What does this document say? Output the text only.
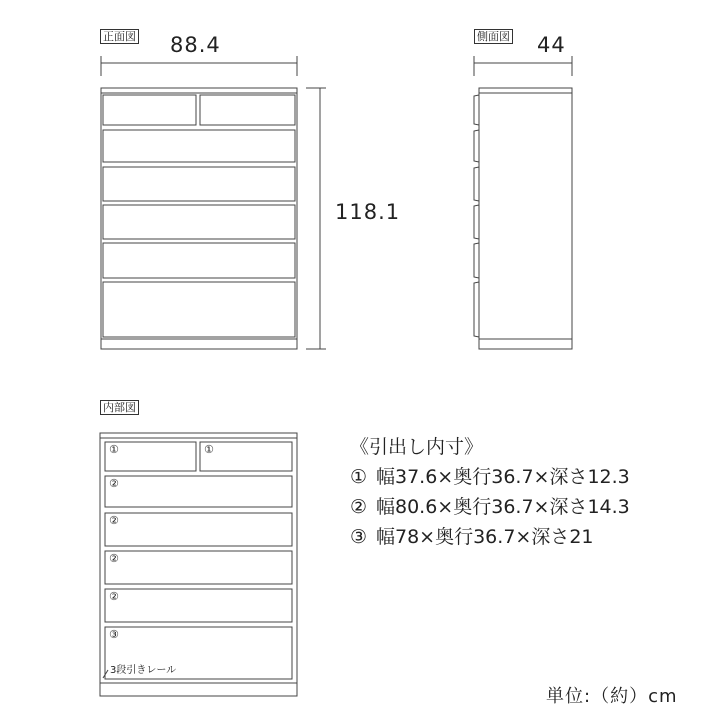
正面図	側面図
内部図
88.4
118.1
44
①	①
②
②
②
②
③
3段引きレール
《引出し内寸》
① 幅37.6×奥行36.7×深さ12.3
② 幅80.6×奥行36.7×深さ14.3
③ 幅78×奥行36.7×深さ21
単位:（約）cm
